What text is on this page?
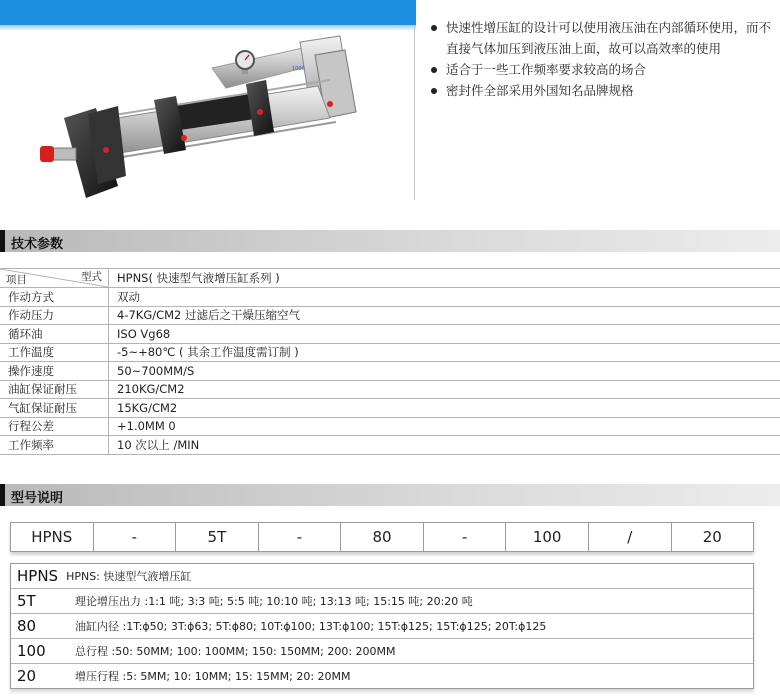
1000
快速性增压缸的设计可以使用液压油在内部循环使用，而不直接气体加压到液压油上面，故可以高效率的使用
适合于一些工作频率要求较高的场合
密封件全部采用外国知名品牌规格
技术参数
型式
项目	HPNS( 快速型气液增压缸系列 )
作动方式	双动
作动压力	4-7KG/CM2 过滤后之干燥压缩空气
循环油	ISO Vg68
工作温度	-5~+80℃ ( 其余工作温度需订制 )
操作速度	50~700MM/S
油缸保证耐压	210KG/CM2
气缸保证耐压	15KG/CM2
行程公差	+1.0MM 0
工作频率	10 次以上 /MIN
型号说明
HPNS	-	5T	-	80	-	100	/	20
HPNS HPNS: 快速型气液增压缸
5T	理论增压出力 :1:1 吨; 3:3 吨; 5:5 吨; 10:10 吨; 13:13 吨; 15:15 吨; 20:20 吨
80	油缸内径 :1T:ϕ50; 3T:ϕ63; 5T:ϕ80; 10T:ϕ100; 13T:ϕ100; 15T:ϕ125; 15T:ϕ125; 20T:ϕ125
100	总行程 :50: 50MM; 100: 100MM; 150: 150MM; 200: 200MM
20	增压行程 :5: 5MM; 10: 10MM; 15: 15MM; 20: 20MM
